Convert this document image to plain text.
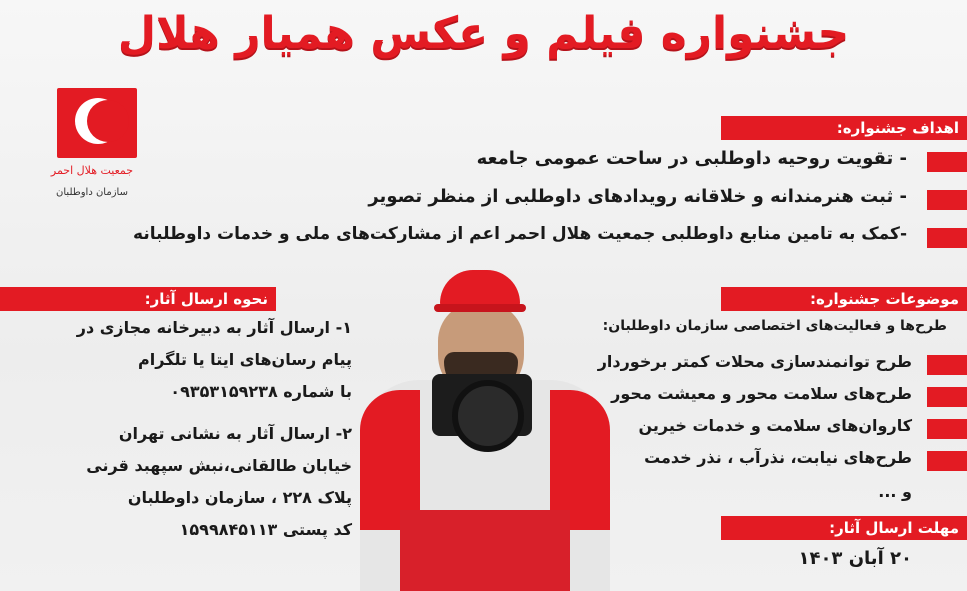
جشنواره فیلم و عکس همیار هلال
جمعیت هلال احمر
سازمان داوطلبان
اهداف جشنواره:
- تقویت روحیه داوطلبی در ساحت عمومی جامعه
- ثبت هنرمندانه و خلاقانه رویدادهای داوطلبی از منظر تصویر
-کمک به تامین منابع داوطلبی جمعیت هلال احمر اعم از مشارکت‌های ملی و خدمات داوطلبانه
نحوه ارسال آثار:
۱- ارسال آثار به دبیرخانه مجازی در
پیام رسان‌های ایتا یا تلگرام
با شماره ۰۹۳۵۳۱۵۹۲۳۸
۲- ارسال آثار به نشانی تهران
خیابان طالقانی،نبش سپهبد قرنی
پلاک ۲۲۸ ، سازمان داوطلبان
کد پستی ۱۵۹۹۸۴۵۱۱۳
موضوعات جشنواره:
طرح‌ها و فعالیت‌های اختصاصی سازمان داوطلبان:
طرح توانمندسازی محلات کمتر برخوردار
طرح‌های سلامت محور و معیشت محور
کاروان‌های سلامت و خدمات خیرین
طرح‌های نیابت، نذرآب ، نذر خدمت
و ...
مهلت ارسال آثار:
۲۰ آبان ۱۴۰۳
